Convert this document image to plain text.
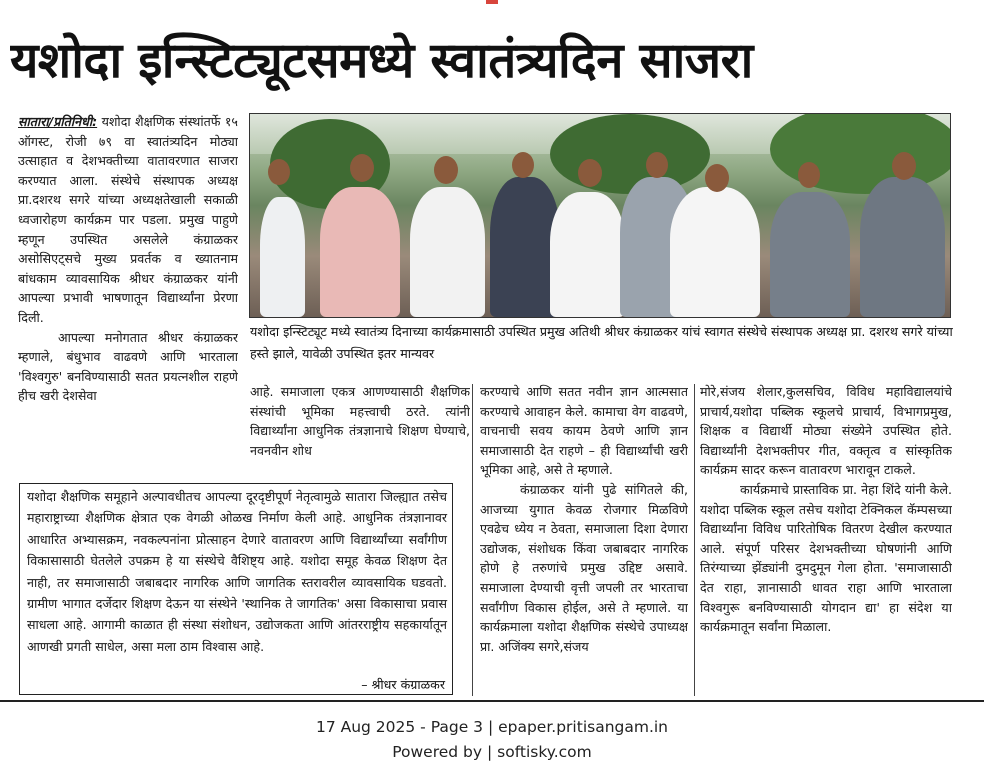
यशोदा इन्स्टिट्यूटसमध्ये स्वातंत्र्यदिन साजरा

सातारा/प्रतिनिधी: यशोदा शैक्षणिक संस्थांतर्फे १५ ऑगस्ट, रोजी ७९ वा स्वातंत्र्यदिन मोठ्या उत्साहात व देशभक्तीच्या वातावरणात साजरा करण्यात आला. संस्थेचे संस्थापक अध्यक्ष प्रा.दशरथ सगरे यांच्या अध्यक्षतेखाली सकाळी ध्वजारोहण कार्यक्रम पार पडला. प्रमुख पाहुणे म्हणून उपस्थित असलेले कंग्राळकर असोसिएट्सचे मुख्य प्रवर्तक व ख्यातनाम बांधकाम व्यावसायिक श्रीधर कंग्राळकर यांनी आपल्या प्रभावी भाषणातून विद्यार्थ्यांना प्रेरणा दिली.

आपल्या मनोगतात श्रीधर कंग्राळकर म्हणाले, बंधुभाव वाढवणे आणि भारताला 'विश्वगुरु' बनविण्यासाठी सतत प्रयत्नशील राहणे हीच खरी देशसेवा

यशोदा इन्स्टिट्यूट मध्ये स्वातंत्र्य दिनाच्या कार्यक्रमासाठी उपस्थित प्रमुख अतिथी श्रीधर कंग्राळकर यांचं स्वागत संस्थेचे संस्थापक अध्यक्ष प्रा. दशरथ सगरे यांच्या हस्ते झाले, यावेळी उपस्थित इतर मान्यवर

आहे. समाजाला एकत्र आणण्यासाठी शैक्षणिक संस्थांची भूमिका महत्त्वाची ठरते. त्यांनी विद्यार्थ्यांना आधुनिक तंत्रज्ञानाचे शिक्षण घेण्याचे, नवनवीन शोध

करण्याचे आणि सतत नवीन ज्ञान आत्मसात करण्याचे आवाहन केले. कामाचा वेग वाढवणे, वाचनाची सवय कायम ठेवणे आणि ज्ञान समाजासाठी देत राहणे – ही विद्यार्थ्यांची खरी भूमिका आहे, असे ते म्हणाले.

कंग्राळकर यांनी पुढे सांगितले की, आजच्या युगात केवळ रोजगार मिळविणे एवढेच ध्येय न ठेवता, समाजाला दिशा देणारा उद्योजक, संशोधक किंवा जबाबदार नागरिक होणे हे तरुणांचे प्रमुख उद्दिष्ट असावे. समाजाला देण्याची वृत्ती जपली तर भारताचा सर्वांगीण विकास होईल, असे ते म्हणाले. या कार्यक्रमाला यशोदा शैक्षणिक संस्थेचे उपाध्यक्ष प्रा. अजिंक्य सगरे,संजय

मोरे,संजय शेलार,कुलसचिव, विविध महाविद्यालयांचे प्राचार्य,यशोदा पब्लिक स्कूलचे प्राचार्य, विभागप्रमुख, शिक्षक व विद्यार्थी मोठ्या संख्येने उपस्थित होते. विद्यार्थ्यांनी देशभक्तीपर गीत, वक्तृत्व व सांस्कृतिक कार्यक्रम सादर करून वातावरण भारावून टाकले.

कार्यक्रमाचे प्रास्ताविक प्रा. नेहा शिंदे यांनी केले. यशोदा पब्लिक स्कूल तसेच यशोदा टेक्निकल कॅम्पसच्या विद्यार्थ्यांना विविध पारितोषिक वितरण देखील करण्यात आले. संपूर्ण परिसर देशभक्तीच्या घोषणांनी आणि तिरंग्याच्या झेंड्यांनी दुमदुमून गेला होता. 'समाजासाठी देत राहा, ज्ञानासाठी धावत राहा आणि भारताला विश्वगुरू बनविण्यासाठी योगदान द्या' हा संदेश या कार्यक्रमातून सर्वांना मिळाला.

यशोदा शैक्षणिक समूहाने अल्पावधीतच आपल्या दूरदृष्टीपूर्ण नेतृत्वामुळे सातारा जिल्ह्यात तसेच महाराष्ट्राच्या शैक्षणिक क्षेत्रात एक वेगळी ओळख निर्माण केली आहे. आधुनिक तंत्रज्ञानावर आधारित अभ्यासक्रम, नवकल्पनांना प्रोत्साहन देणारे वातावरण आणि विद्यार्थ्यांच्या सर्वांगीण विकासासाठी घेतलेले उपक्रम हे या संस्थेचे वैशिष्ट्य आहे. यशोदा समूह केवळ शिक्षण देत नाही, तर समाजासाठी जबाबदार नागरिक आणि जागतिक स्तरावरील व्यावसायिक घडवतो. ग्रामीण भागात दर्जेदार शिक्षण देऊन या संस्थेने 'स्थानिक ते जागतिक' असा विकासाचा प्रवास साधला आहे. आगामी काळात ही संस्था संशोधन, उद्योजकता आणि आंतरराष्ट्रीय सहकार्यातून आणखी प्रगती साधेल, असा मला ठाम विश्वास आहे.
– श्रीधर कंग्राळकर
17 Aug 2025 - Page 3 | epaper.pritisangam.in
Powered by | softisky.com
